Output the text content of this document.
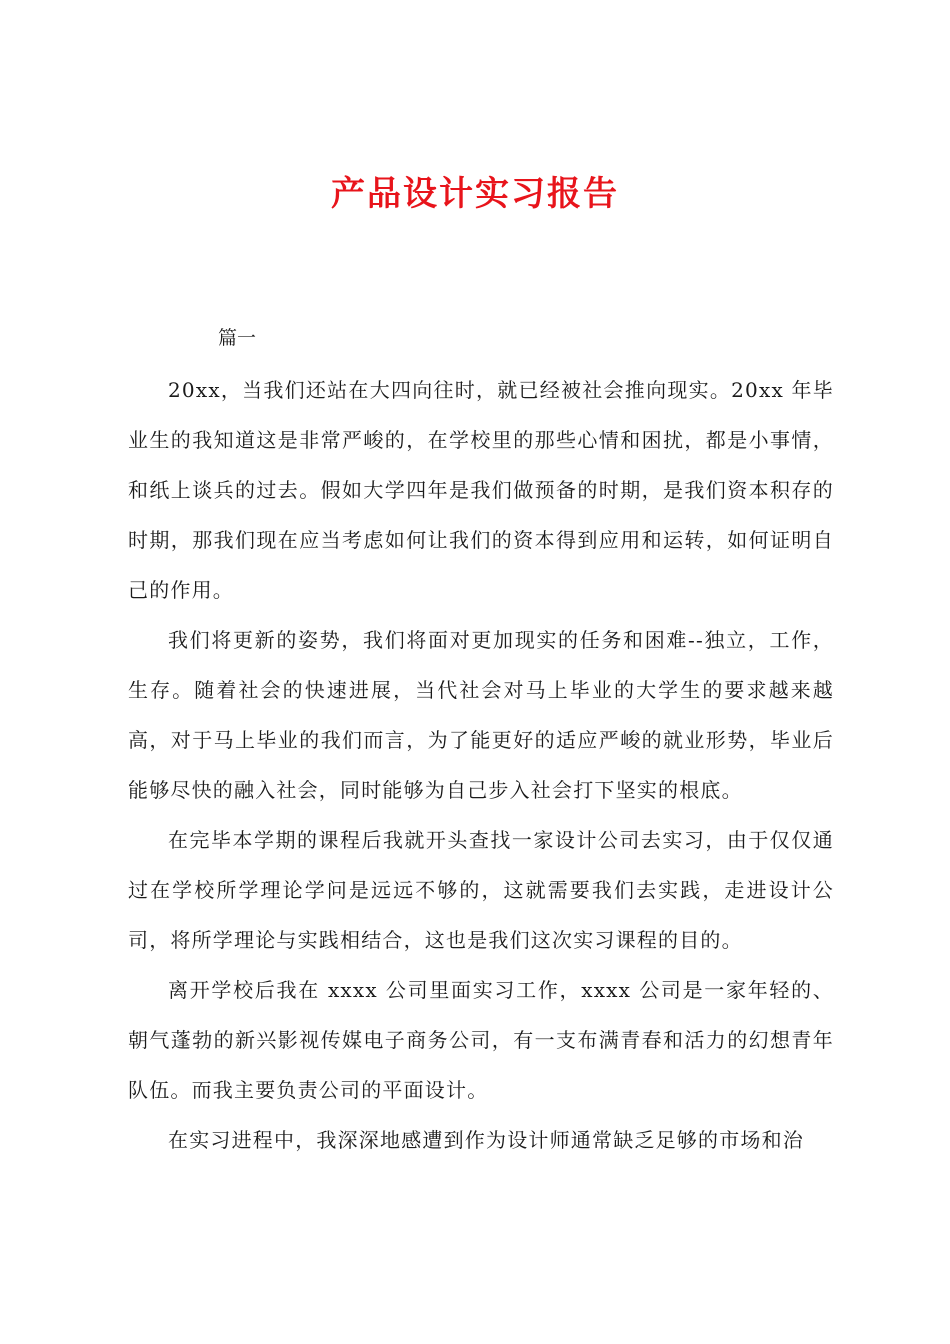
产品设计实习报告
篇一

20xx，当我们还站在大四向往时，就已经被社会推向现实。20xx 年毕业生的我知道这是非常严峻的，在学校里的那些心情和困扰，都是小事情，和纸上谈兵的过去。假如大学四年是我们做预备的时期，是我们资本积存的时期，那我们现在应当考虑如何让我们的资本得到应用和运转，如何证明自己的作用。

我们将更新的姿势，我们将面对更加现实的任务和困难--独立，工作，生存。随着社会的快速进展，当代社会对马上毕业的大学生的要求越来越高，对于马上毕业的我们而言，为了能更好的适应严峻的就业形势，毕业后能够尽快的融入社会，同时能够为自己步入社会打下坚实的根底。

在完毕本学期的课程后我就开头查找一家设计公司去实习，由于仅仅通过在学校所学理论学问是远远不够的，这就需要我们去实践，走进设计公司，将所学理论与实践相结合，这也是我们这次实习课程的目的。

离开学校后我在 xxxx 公司里面实习工作，xxxx 公司是一家年轻的、朝气蓬勃的新兴影视传媒电子商务公司，有一支布满青春和活力的幻想青年队伍。而我主要负责公司的平面设计。

在实习进程中，我深深地感遭到作为设计师通常缺乏足够的市场和治
